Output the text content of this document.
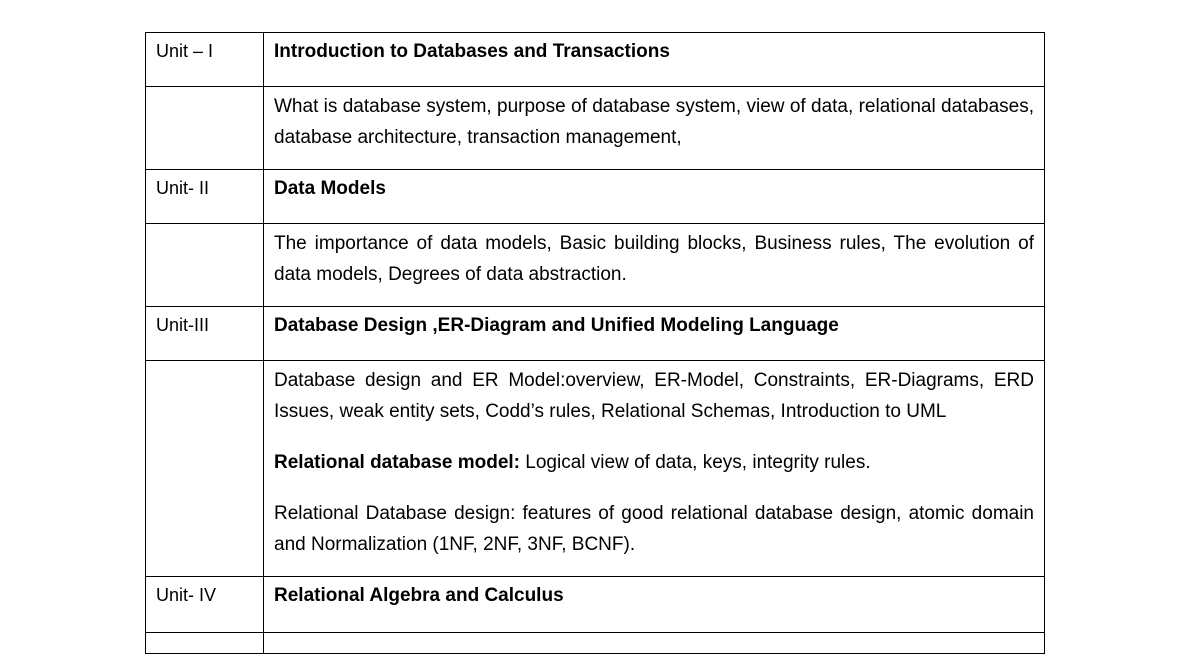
Unit – I	Introduction to Databases and Transactions

	What is database system, purpose of database system, view of data, relational databases, database architecture, transaction management,

Unit- II	Data Models

	The importance of data models, Basic building blocks, Business rules, The evolution of data models, Degrees of data abstraction.

Unit-III	Database Design ,ER-Diagram and Unified Modeling Language

	Database design and ER Model:overview, ER-Model, Constraints, ER-Diagrams, ERD Issues, weak entity sets, Codd’s rules, Relational Schemas, Introduction to UML

Relational database model: Logical view of data, keys, integrity rules.

Relational Database design: features of good relational database design, atomic domain and Normalization (1NF, 2NF, 3NF, BCNF).

Unit- IV	Relational Algebra and Calculus
